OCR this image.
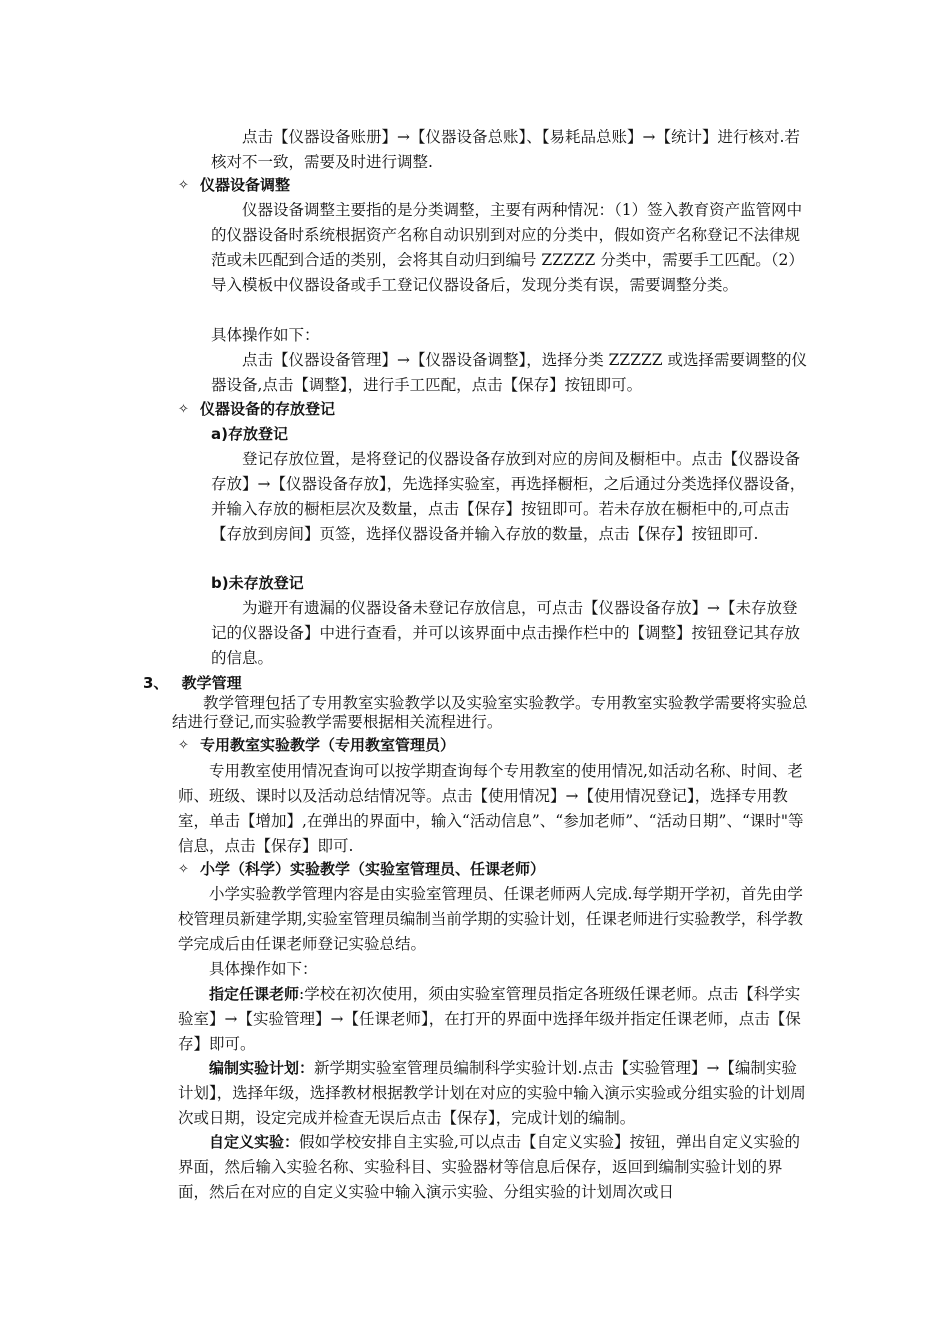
点击【仪器设备账册】→【仪器设备总账】、【易耗品总账】→【统计】进行核对.若核对不一致，需要及时进行调整.

✧ 仪器设备调整

仪器设备调整主要指的是分类调整，主要有两种情况：（1）签入教育资产监管网中的仪器设备时系统根据资产名称自动识别到对应的分类中，假如资产名称登记不法律规范或未匹配到合适的类别，会将其自动归到编号 ZZZZZ 分类中，需要手工匹配。（2）导入模板中仪器设备或手工登记仪器设备后，发现分类有误，需要调整分类。

具体操作如下：

点击【仪器设备管理】→【仪器设备调整】，选择分类 ZZZZZ 或选择需要调整的仪器设备,点击【调整】，进行手工匹配，点击【保存】按钮即可。

✧ 仪器设备的存放登记
a)存放登记

登记存放位置，是将登记的仪器设备存放到对应的房间及橱柜中。点击【仪器设备存放】→【仪器设备存放】，先选择实验室，再选择橱柜，之后通过分类选择仪器设备，并输入存放的橱柜层次及数量，点击【保存】按钮即可。若未存放在橱柜中的,可点击【存放到房间】页签，选择仪器设备并输入存放的数量，点击【保存】按钮即可.

b)未存放登记

为避开有遗漏的仪器设备未登记存放信息，可点击【仪器设备存放】→【未存放登记的仪器设备】中进行查看，并可以该界面中点击操作栏中的【调整】按钮登记其存放的信息。

3、 教学管理

教学管理包括了专用教室实验教学以及实验室实验教学。专用教室实验教学需要将实验总结进行登记,而实验教学需要根据相关流程进行。

✧ 专用教室实验教学（专用教室管理员）

专用教室使用情况查询可以按学期查询每个专用教室的使用情况,如活动名称、时间、老师、班级、课时以及活动总结情况等。点击【使用情况】→【使用情况登记】，选择专用教室，单击【增加】,在弹出的界面中，输入“活动信息”、“参加老师”、“活动日期”、“课时"等信息，点击【保存】即可.

✧ 小学（科学）实验教学（实验室管理员、任课老师）

小学实验教学管理内容是由实验室管理员、任课老师两人完成.每学期开学初，首先由学校管理员新建学期,实验室管理员编制当前学期的实验计划，任课老师进行实验教学，科学教学完成后由任课老师登记实验总结。

具体操作如下：

指定任课老师:学校在初次使用，须由实验室管理员指定各班级任课老师。点击【科学实验室】→【实验管理】→【任课老师】，在打开的界面中选择年级并指定任课老师，点击【保存】即可。

编制实验计划：新学期实验室管理员编制科学实验计划.点击【实验管理】→【编制实验计划】，选择年级，选择教材根据教学计划在对应的实验中输入演示实验或分组实验的计划周次或日期，设定完成并检查无误后点击【保存】，完成计划的编制。

自定义实验：假如学校安排自主实验,可以点击【自定义实验】按钮，弹出自定义实验的界面，然后输入实验名称、实验科目、实验器材等信息后保存，返回到编制实验计划的界面，然后在对应的自定义实验中输入演示实验、分组实验的计划周次或日
